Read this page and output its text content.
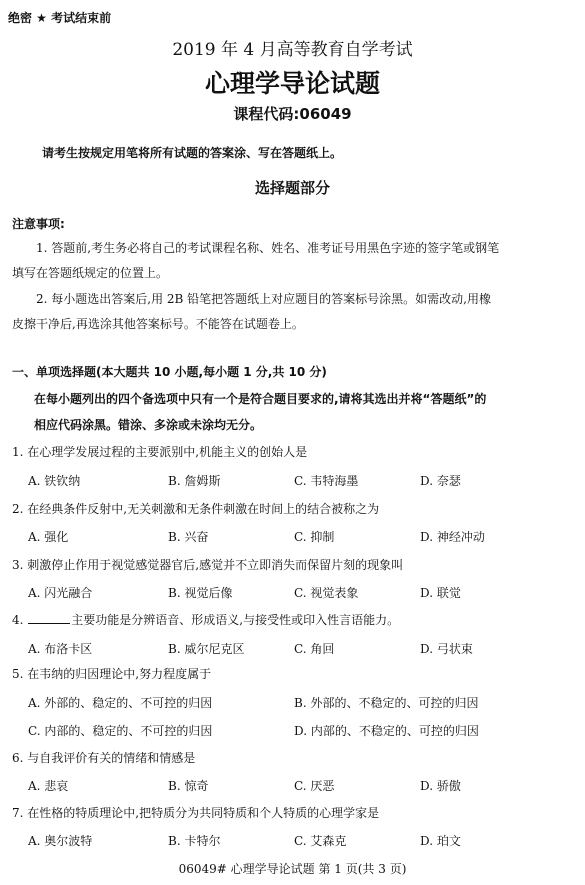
绝密 ★ 考试结束前
2019 年 4 月高等教育自学考试
心理学导论试题
课程代码:06049
请考生按规定用笔将所有试题的答案涂、写在答题纸上。
选择题部分
注意事项:
1. 答题前,考生务必将自己的考试课程名称、姓名、准考证号用黑色字迹的签字笔或钢笔
填写在答题纸规定的位置上。
2. 每小题选出答案后,用 2B 铅笔把答题纸上对应题目的答案标号涂黑。如需改动,用橡
皮擦干净后,再选涂其他答案标号。不能答在试题卷上。
一、单项选择题(本大题共 10 小题,每小题 1 分,共 10 分)
在每小题列出的四个备选项中只有一个是符合题目要求的,请将其选出并将“答题纸”的
相应代码涂黑。错涂、多涂或未涂均无分。
1. 在心理学发展过程的主要派别中,机能主义的创始人是
A. 铁钦纳	B. 詹姆斯	C. 韦特海墨	D. 奈瑟
2. 在经典条件反射中,无关刺激和无条件刺激在时间上的结合被称之为
A. 强化	B. 兴奋	C. 抑制	D. 神经冲动
3. 刺激停止作用于视觉感觉器官后,感觉并不立即消失而保留片刻的现象叫
A. 闪光融合	B. 视觉后像	C. 视觉表象	D. 联觉
4.	主要功能是分辨语音、形成语义,与接受性或印入性言语能力。
A. 布洛卡区	B. 威尔尼克区	C. 角回	D. 弓状束
5. 在韦纳的归因理论中,努力程度属于
A. 外部的、稳定的、不可控的归因	B. 外部的、不稳定的、可控的归因
C. 内部的、稳定的、不可控的归因	D. 内部的、不稳定的、可控的归因
6. 与自我评价有关的情绪和情感是
A. 悲哀	B. 惊奇	C. 厌恶	D. 骄傲
7. 在性格的特质理论中,把特质分为共同特质和个人特质的心理学家是
A. 奥尔波特	B. 卡特尔	C. 艾森克	D. 珀文
06049# 心理学导论试题 第 1 页(共 3 页)
